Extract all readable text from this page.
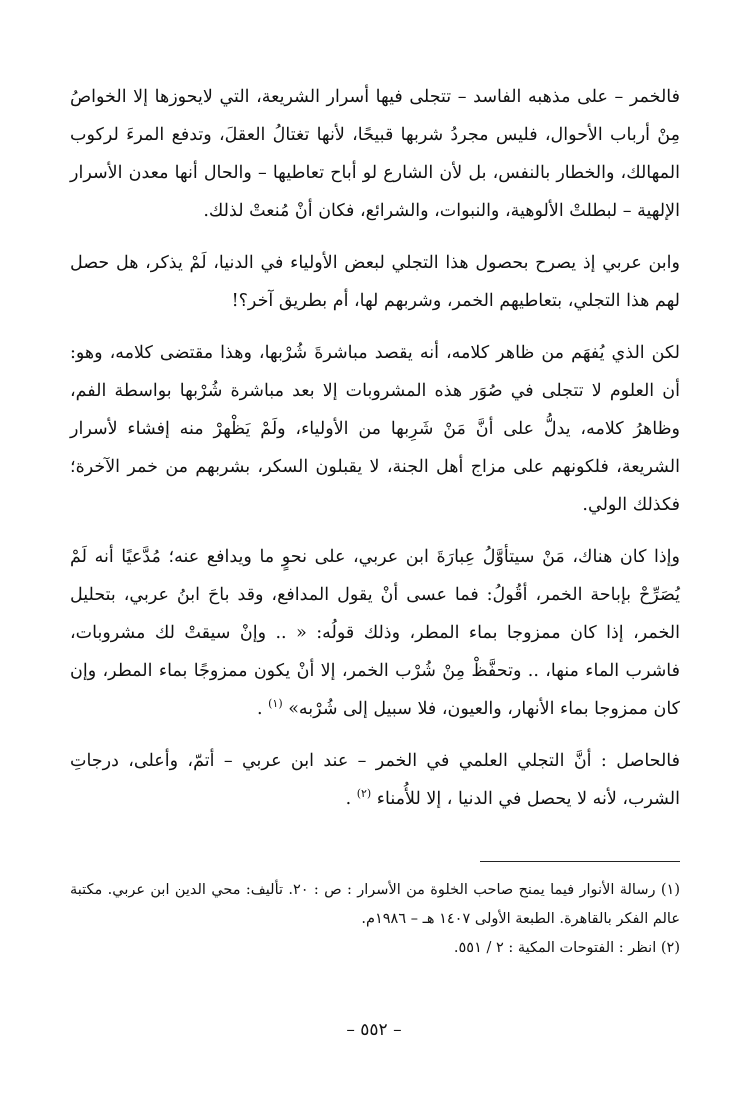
فالخمر – على مذهبه الفاسد – تتجلى فيها أسرار الشريعة، التي لايحوزها إلا الخواصُ مِنْ أرباب الأحوال، فليس مجردُ شربها قبيحًا، لأنها تغتالُ العقلَ، وتدفع المرءَ لركوب المهالك، والخطار بالنفس، بل لأن الشارع لو أباح تعاطيها – والحال أنها معدن الأسرار الإلهية – لبطلتْ الألوهية، والنبوات، والشرائع، فكان أنْ مُنعتْ لذلك.

وابن عربي إذ يصرح بحصول هذا التجلي لبعض الأولياء في الدنيا، لَمْ يذكر، هل حصل لهم هذا التجلي، بتعاطيهم الخمر، وشربهم لها، أم بطريق آخر؟!

لكن الذي يُفهَم من ظاهر كلامه، أنه يقصد مباشرةَ شُرْبها، وهذا مقتضى كلامه، وهو: أن العلوم لا تتجلى في صُوَر هذه المشروبات إلا بعد مباشرة شُرْبها بواسطة الفم، وظاهرُ كلامه، يدلُّ على أنَّ مَنْ شَرِبها من الأولياء، ولَمْ يَظْهرْ منه إفشاء لأسرار الشريعة، فلكونهم على مزاج أهل الجنة، لا يقبلون السكر، بشربهم من خمر الآخرة؛ فكذلك الولي.

وإذا كان هناك، مَنْ سيتأوَّلُ عِبارَةَ ابن عربي، على نحوٍ ما ويدافع عنه؛ مُدَّعيًا أنه لَمْ يُصَرِّحْ بإباحة الخمر، أقُولُ: فما عسى أنْ يقول المدافع، وقد باحَ ابنُ عربي، بتحليل الخمر، إذا كان ممزوجا بماء المطر، وذلك قولُه: « .. وإنْ سيقتْ لك مشروبات، فاشرب الماء منها، .. وتحفَّظْ مِنْ شُرْب الخمر، إلا أنْ يكون ممزوجًا بماء المطر، وإن كان ممزوجا بماء الأنهار، والعيون، فلا سبيل إلى شُرْبه» $^{(١)}$ .

فالحاصل : أنَّ التجلي العلمي في الخمر – عند ابن عربي – أتمّ، وأعلى، درجاتِ الشرب، لأنه لا يحصل في الدنيا ، إلا للأُمناء $^{(٢)}$ .

(١) رسالة الأنوار فيما يمنح صاحب الخلوة من الأسرار : ص : ٢٠. تأليف: محي الدين ابن عربي. مكتبة عالم الفكر بالقاهرة. الطبعة الأولى ١٤٠٧ هـ – ١٩٨٦م.

(٢) انظر : الفتوحات المكية : ٢ / ٥٥١.

– ٥٥٢ –
